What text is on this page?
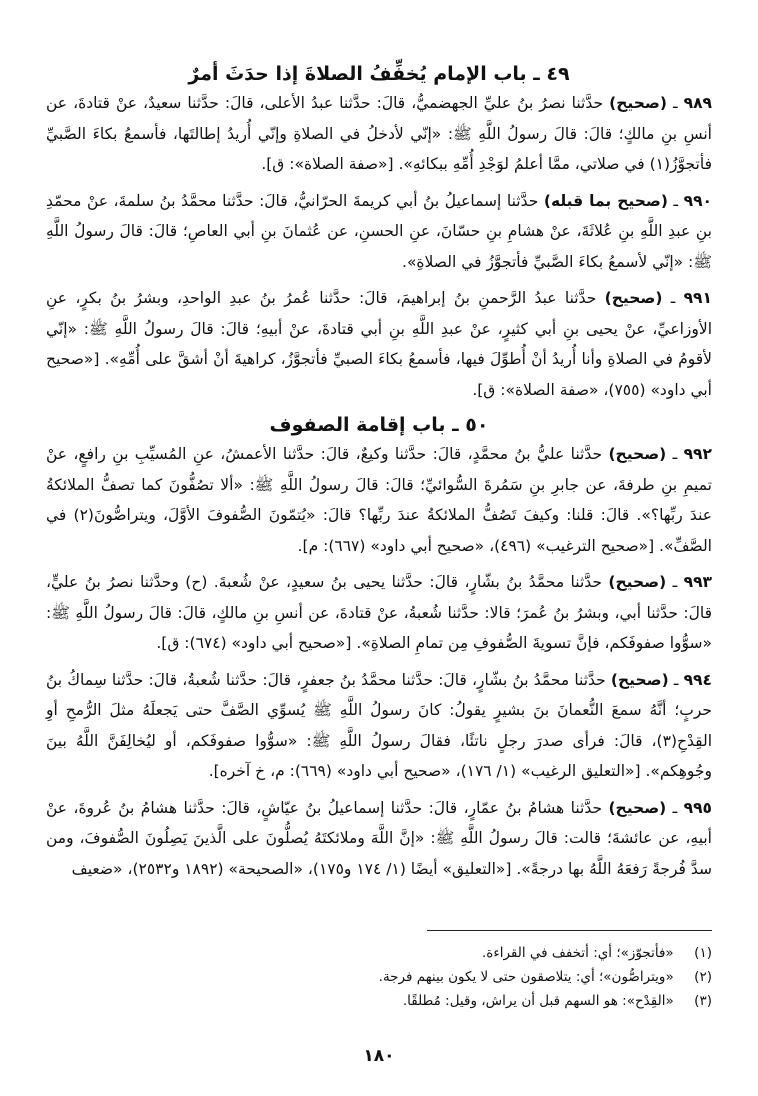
٤٩ ـ باب الإمام يُخفِّفُ الصلاةَ إذا حدَثَ أمرٌ

٩٨٩ ـ (صحيح) حدَّثنا نصرُ بنُ عليِّ الجهضميُّ، قالَ: حدَّثنا عبدُ الأعلى، قالَ: حدَّثنا سعيدٌ، عنْ قتادةَ، عن أنسِ بنِ مالكٍ؛ قالَ: قالَ رسولُ اللَّهِ ﷺ: «إنّي لأدخلُ في الصلاةِ وإنّي أُريدُ إطالتَها، فأسمعُ بكاءَ الصَّبيِّ فأتجوَّزُ(١) في صلاتي، ممَّا أعلمُ لوَجْدِ أُمِّهِ ببكائهِ». [«صفة الصلاة»: ق].

٩٩٠ ـ (صحيح بما قبله) حدَّثنا إسماعيلُ بنُ أبي كريمةَ الحرّانيُّ، قالَ: حدَّثنا محمَّدُ بنُ سلمةَ، عنْ محمّدِ بنِ عبدِ اللَّهِ بنِ عُلاثَةَ، عنْ هشامِ بنِ حسّانَ، عنِ الحسنِ، عن عُثمانَ بنِ أبي العاصِ؛ قالَ: قالَ رسولُ اللَّهِ ﷺ: «إنّي لأسمعُ بكاءَ الصَّبيِّ فأتجوَّزُ في الصلاةِ».

٩٩١ ـ (صحيح) حدَّثنا عبدُ الرَّحمنِ بنُ إبراهيمَ، قالَ: حدَّثنا عُمرُ بنُ عبدِ الواحدِ، وبشرُ بنُ بكرٍ، عنِ الأوزاعيِّ، عنْ يحيى بنِ أبي كثيرٍ، عنْ عبدِ اللَّهِ بنِ أبي قتادةَ، عنْ أبيهِ؛ قالَ: قالَ رسولُ اللَّهِ ﷺ: «إنّي لأقومُ في الصلاةِ وأنا أُريدُ أنْ أُطوِّلَ فيها، فأسمعُ بكاءَ الصبيِّ فأتجوَّزُ، كراهيةَ أنْ أشقَّ على أُمِّهِ». [«صحيح أبي داود» (٧٥٥)، «صفة الصلاة»: ق].

٥٠ ـ باب إقامة الصفوف

٩٩٢ ـ (صحيح) حدَّثنا عليُّ بنُ محمَّدٍ، قالَ: حدَّثنا وكيعٌ، قالَ: حدَّثنا الأعمشُ، عنِ المُسيِّبِ بنِ رافعٍ، عنْ تميمِ بنِ طرفةَ، عن جابرِ بنِ سَمُرةَ السُّوائيِّ؛ قالَ: قالَ رسولُ اللَّهِ ﷺ: «ألا تصُفُّونَ كما تصفُّ الملائكةُ عندَ ربِّها؟». قالَ: قلنا: وكيفَ تَصُفُّ الملائكةُ عندَ ربِّها؟ قالَ: «يُتمّونَ الصُّفوفَ الأوَّلَ، ويتراصُّونَ(٢) في الصَّفِّ». [«صحيح الترغيب» (٤٩٦)، «صحيح أبي داود» (٦٦٧): م].

٩٩٣ ـ (صحيح) حدَّثنا محمَّدُ بنُ بشّارٍ، قالَ: حدَّثنا يحيى بنُ سعيدٍ، عنْ شُعبةَ. (ح) وحدَّثنا نصرُ بنُ عليٍّ، قالَ: حدَّثنا أبي، وبشرُ بنُ عُمرَ؛ قالا: حدَّثنا شُعبةُ، عنْ قتادةَ، عن أنسِ بنِ مالكٍ، قالَ: قالَ رسولُ اللَّهِ ﷺ: «سوُّوا صفوفَكم، فإنَّ تسويةَ الصُّفوفِ مِن تمامِ الصلاةِ». [«صحيح أبي داود» (٦٧٤): ق].

٩٩٤ ـ (صحيح) حدَّثنا محمَّدُ بنُ بشّارٍ، قالَ: حدَّثنا محمَّدُ بنُ جعفرٍ، قالَ: حدَّثنا شُعبةُ، قالَ: حدَّثنا سِماكُ بنُ حربٍ؛ أنَّهُ سمعَ النُّعمانَ بنَ بشيرٍ يقولُ: كانَ رسولُ اللَّهِ ﷺ يُسوِّي الصَّفَّ حتى يَجعلَهُ مثلَ الرُّمحِ أوِ القِدْحِ(٣)، قالَ: فرأى صدرَ رجلٍ ناتئًا، فقالَ رسولُ اللَّهِ ﷺ: «سوُّوا صفوفَكم، أو ليُخالِفَنَّ اللَّهُ بينَ وجُوهِكم». [«التعليق الرغيب» (١/ ١٧٦)، «صحيح أبي داود» (٦٦٩): م، خ آخره].

٩٩٥ ـ (صحيح) حدَّثنا هشامُ بنُ عمّارٍ، قالَ: حدَّثنا إسماعيلُ بنُ عيّاشٍ، قالَ: حدَّثنا هشامُ بنُ عُروةَ، عنْ أبيهِ، عن عائشةَ؛ قالت: قالَ رسولُ اللَّهِ ﷺ: «إنَّ اللَّهَ وملائكتَهُ يُصلُّونَ على الَّذينَ يَصِلُونَ الصُّفوفَ، ومن سدَّ فُرجةً رَفعَهُ اللَّهُ بها درجةً». [«التعليق» أيضًا (١/ ١٧٤ و١٧٥)، «الصحيحة» (١٨٩٢ و٢٥٣٢)، «ضعيف

(١) «فأتجوّز»؛ أي: أتخفف في القراءة.

(٢) «ويتراصُّون»؛ أي: يتلاصقون حتى لا يكون بينهم فرجة.

(٣) «القِدْح»: هو السهم قبل أن يراش، وقيل: مُطلقًا.

١٨٠
